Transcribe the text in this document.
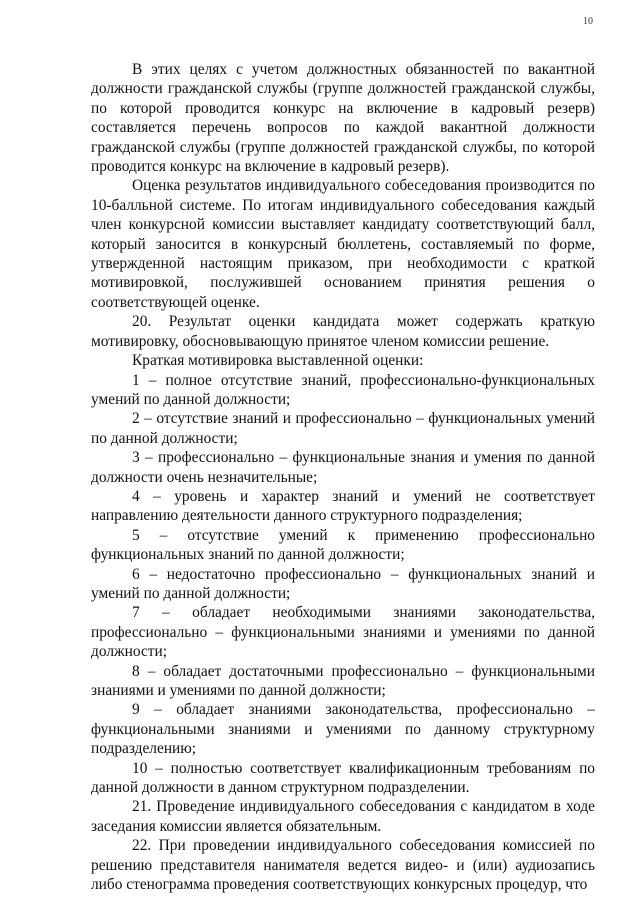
10

В этих целях с учетом должностных обязанностей по вакантной должности гражданской службы (группе должностей гражданской службы, по которой проводится конкурс на включение в кадровый резерв) составляется перечень вопросов по каждой вакантной должности гражданской службы (группе должностей гражданской службы, по которой проводится конкурс на включение в кадровый резерв).

Оценка результатов индивидуального собеседования производится по 10-балльной системе. По итогам индивидуального собеседования каждый член конкурсной комиссии выставляет кандидату соответствующий балл, который заносится в конкурсный бюллетень, составляемый по форме, утвержденной настоящим приказом, при необходимости с краткой мотивировкой, послужившей основанием принятия решения о соответствующей оценке.

20. Результат оценки кандидата может содержать краткую мотивировку, обосновывающую принятое членом комиссии решение.

Краткая мотивировка выставленной оценки:

1 – полное отсутствие знаний, профессионально-функциональных умений по данной должности;

2 – отсутствие знаний и профессионально – функциональных умений по данной должности;

3 – профессионально – функциональные знания и умения по данной должности очень незначительные;

4 – уровень и характер знаний и умений не соответствует направлению деятельности данного структурного подразделения;

5 – отсутствие умений к применению профессионально функциональных знаний по данной должности;

6 – недостаточно профессионально – функциональных знаний и умений по данной должности;

7 – обладает необходимыми знаниями законодательства, профессионально – функциональными знаниями и умениями по данной должности;

8 – обладает достаточными профессионально – функциональными знаниями и умениями по данной должности;

9 – обладает знаниями законодательства, профессионально – функциональными знаниями и умениями по данному структурному подразделению;

10 – полностью соответствует квалификационным требованиям по данной должности в данном структурном подразделении.

21. Проведение индивидуального собеседования с кандидатом в ходе заседания комиссии является обязательным.

22. При проведении индивидуального собеседования комиссией по решению представителя нанимателя ведется видео- и (или) аудиозапись либо стенограмма проведения соответствующих конкурсных процедур, что
